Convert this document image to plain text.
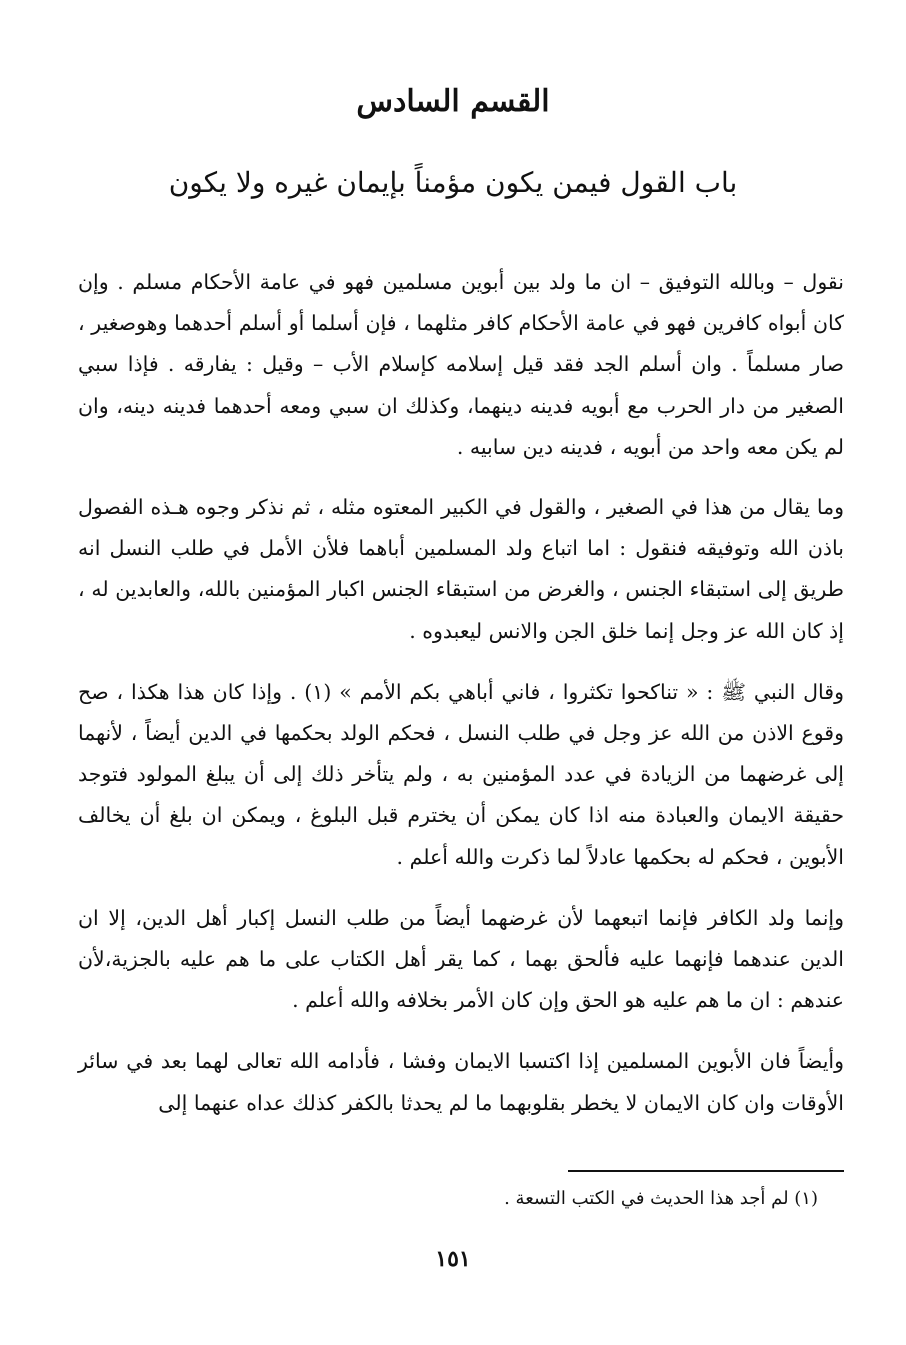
القسم السادس
باب القول فيمن يكون مؤمناً بإيمان غيره ولا يكون

نقول – وبالله التوفيق – ان ما ولد بين أبوين مسلمين فهو في عامة الأحكام مسلم . وإن كان أبواه كافرين فهو في عامة الأحكام كافر مثلهما ، فإن أسلما أو أسلم أحدهما وهوصغير ، صار مسلماً . وان أسلم الجد فقد قيل إسلامه كإسلام الأب – وقيل : يفارقه . فإذا سبي الصغير من دار الحرب مع أبويه فدينه دينهما، وكذلك ان سبي ومعه أحدهما فدينه دينه، وان لم يكن معه واحد من أبويه ، فدينه دين سابيه .

وما يقال من هذا في الصغير ، والقول في الكبير المعتوه مثله ، ثم نذكر وجوه هـذه الفصول باذن الله وتوفيقه فنقول : اما اتباع ولد المسلمين أباهما فلأن الأمل في طلب النسل انه طريق إلى استبقاء الجنس ، والغرض من استبقاء الجنس اكبار المؤمنين بالله، والعابدين له ، إذ كان الله عز وجل إنما خلق الجن والانس ليعبدوه .

وقال النبي ﷺ : « تناكحوا تكثروا ، فاني أباهي بكم الأمم » (١) . وإذا كان هذا هكذا ، صح وقوع الاذن من الله عز وجل في طلب النسل ، فحكم الولد بحكمها في الدين أيضاً ، لأنهما إلى غرضهما من الزيادة في عدد المؤمنين به ، ولم يتأخر ذلك إلى أن يبلغ المولود فتوجد حقيقة الايمان والعبادة منه اذا كان يمكن أن يخترم قبل البلوغ ، ويمكن ان بلغ أن يخالف الأبوين ، فحكم له بحكمها عادلاً لما ذكرت والله أعلم .

وإنما ولد الكافر فإنما اتبعهما لأن غرضهما أيضاً من طلب النسل إكبار أهل الدين، إلا ان الدين عندهما فإنهما عليه فألحق بهما ، كما يقر أهل الكتاب على ما هم عليه بالجزية،لأن عندهم : ان ما هم عليه هو الحق وإن كان الأمر بخلافه والله أعلم .

وأيضاً فان الأبوين المسلمين إذا اكتسبا الايمان وفشا ، فأدامه الله تعالى لهما بعد في سائر الأوقات وان كان الايمان لا يخطر بقلوبهما ما لم يحدثا بالكفر كذلك عداه عنهما إلى

(١) لم أجد هذا الحديث في الكتب التسعة .

١٥١
